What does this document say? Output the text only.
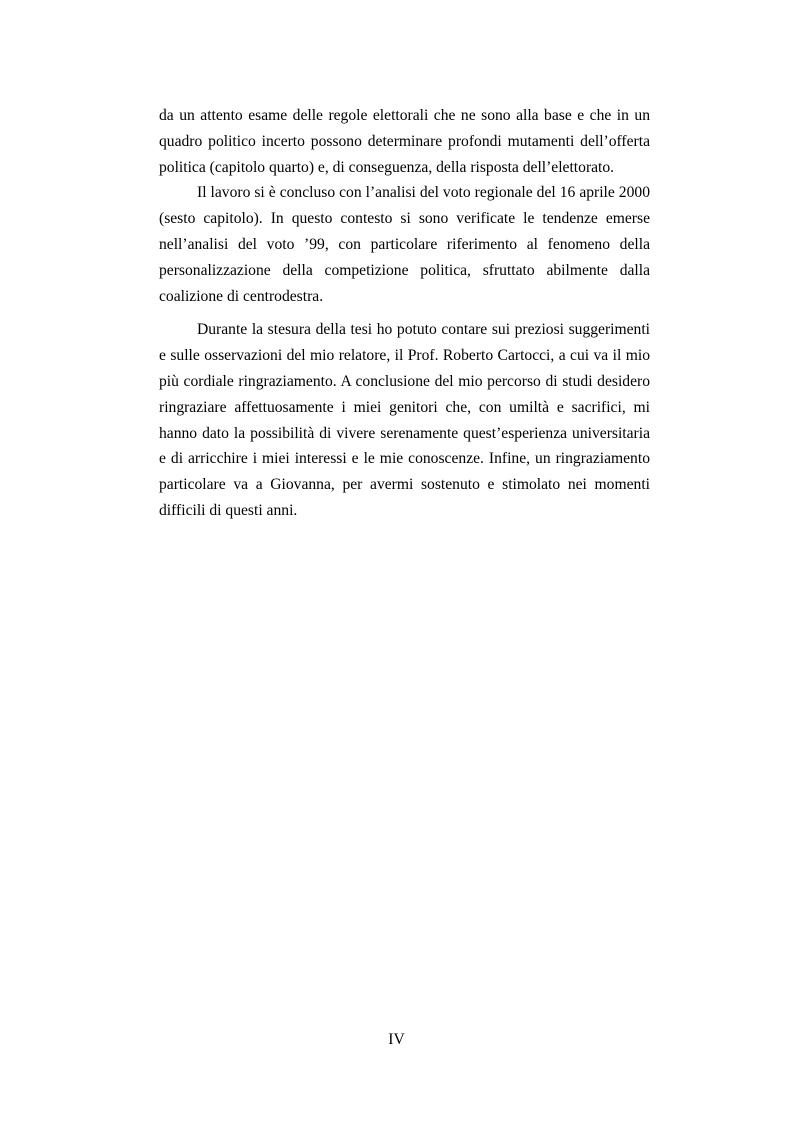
da un attento esame delle regole elettorali che ne sono alla base e che in un quadro politico incerto possono determinare profondi mutamenti dell’offerta politica (capitolo quarto) e, di conseguenza, della risposta dell’elettorato.

Il lavoro si è concluso con l’analisi del voto regionale del 16 aprile 2000 (sesto capitolo). In questo contesto si sono verificate le tendenze emerse nell’analisi del voto ’99, con particolare riferimento al fenomeno della personalizzazione della competizione politica, sfruttato abilmente dalla coalizione di centrodestra.

Durante la stesura della tesi ho potuto contare sui preziosi suggerimenti e sulle osservazioni del mio relatore, il Prof. Roberto Cartocci, a cui va il mio più cordiale ringraziamento. A conclusione del mio percorso di studi desidero ringraziare affettuosamente i miei genitori che, con umiltà e sacrifici, mi hanno dato la possibilità di vivere serenamente quest’esperienza universitaria e di arricchire i miei interessi e le mie conoscenze. Infine, un ringraziamento particolare va a Giovanna, per avermi sostenuto e stimolato nei momenti difficili di questi anni.

IV
